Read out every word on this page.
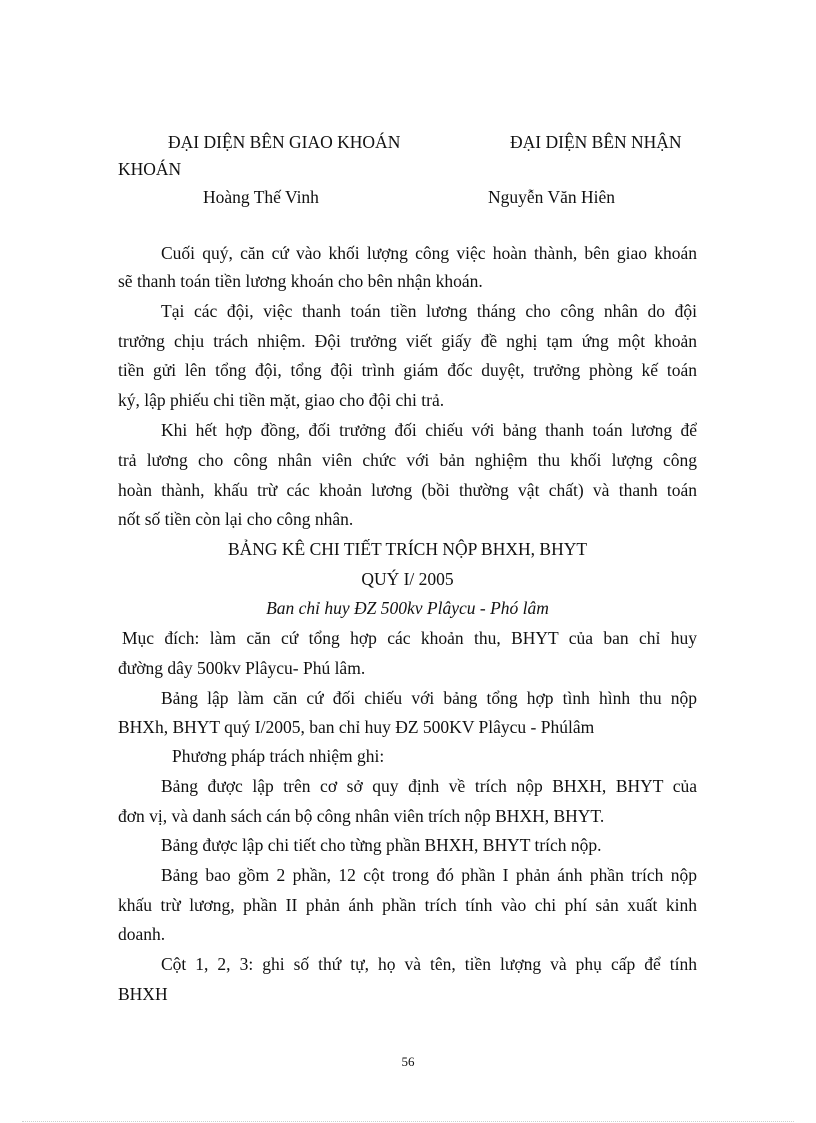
ĐẠI DIỆN BÊN GIAO KHOÁN	ĐẠI DIỆN BÊN NHẬN
KHOÁN
Hoàng Thế Vinh	Nguyễn Văn Hiên
Cuối quý, căn cứ vào khối lượng công việc hoàn thành, bên giao khoán
sẽ thanh toán tiền lương khoán cho bên nhận khoán.
Tại các đội, việc thanh toán tiền lương tháng cho công nhân do đội
trưởng chịu trách nhiệm. Đội trưởng viết giấy đề nghị tạm ứng một khoản
tiền gửi lên tổng đội, tổng đội trình giám đốc duyệt, trưởng phòng kế toán
ký, lập phiếu chi tiền mặt, giao cho đội chi trả.
Khi hết hợp đồng, đối trưởng đối chiếu với bảng thanh toán lương để
trả lương cho công nhân viên chức với bản nghiệm thu khối lượng công
hoàn thành, khấu trừ các khoản lương (bồi thường vật chất) và thanh toán
nốt số tiền còn lại cho công nhân.
BẢNG KÊ CHI TIẾT TRÍCH NỘP BHXH, BHYT
QUÝ I/ 2005
Ban chỉ huy ĐZ 500kv Plâycu - Phó lâm
Mục đích: làm căn cứ tổng hợp các khoản thu, BHYT của ban chỉ huy
đường dây 500kv Plâycu- Phú lâm.
Bảng lập làm căn cứ đối chiếu với bảng tổng hợp tình hình thu nộp
BHXh, BHYT quý I/2005, ban chỉ huy ĐZ 500KV Plâycu - Phúlâm
Phương pháp trách nhiệm ghi:
Bảng được lập trên cơ sở quy định về trích nộp BHXH, BHYT của
đơn vị, và danh sách cán bộ công nhân viên trích nộp BHXH, BHYT.
Bảng được lập chi tiết cho từng phần BHXH, BHYT trích nộp.
Bảng bao gồm 2 phần, 12 cột trong đó phần I phản ánh phần trích nộp
khấu trừ lương, phần II phản ánh phần trích tính vào chi phí sản xuất kinh
doanh.
Cột 1, 2, 3: ghi số thứ tự, họ và tên, tiền lượng và phụ cấp để tính
BHXH
56
